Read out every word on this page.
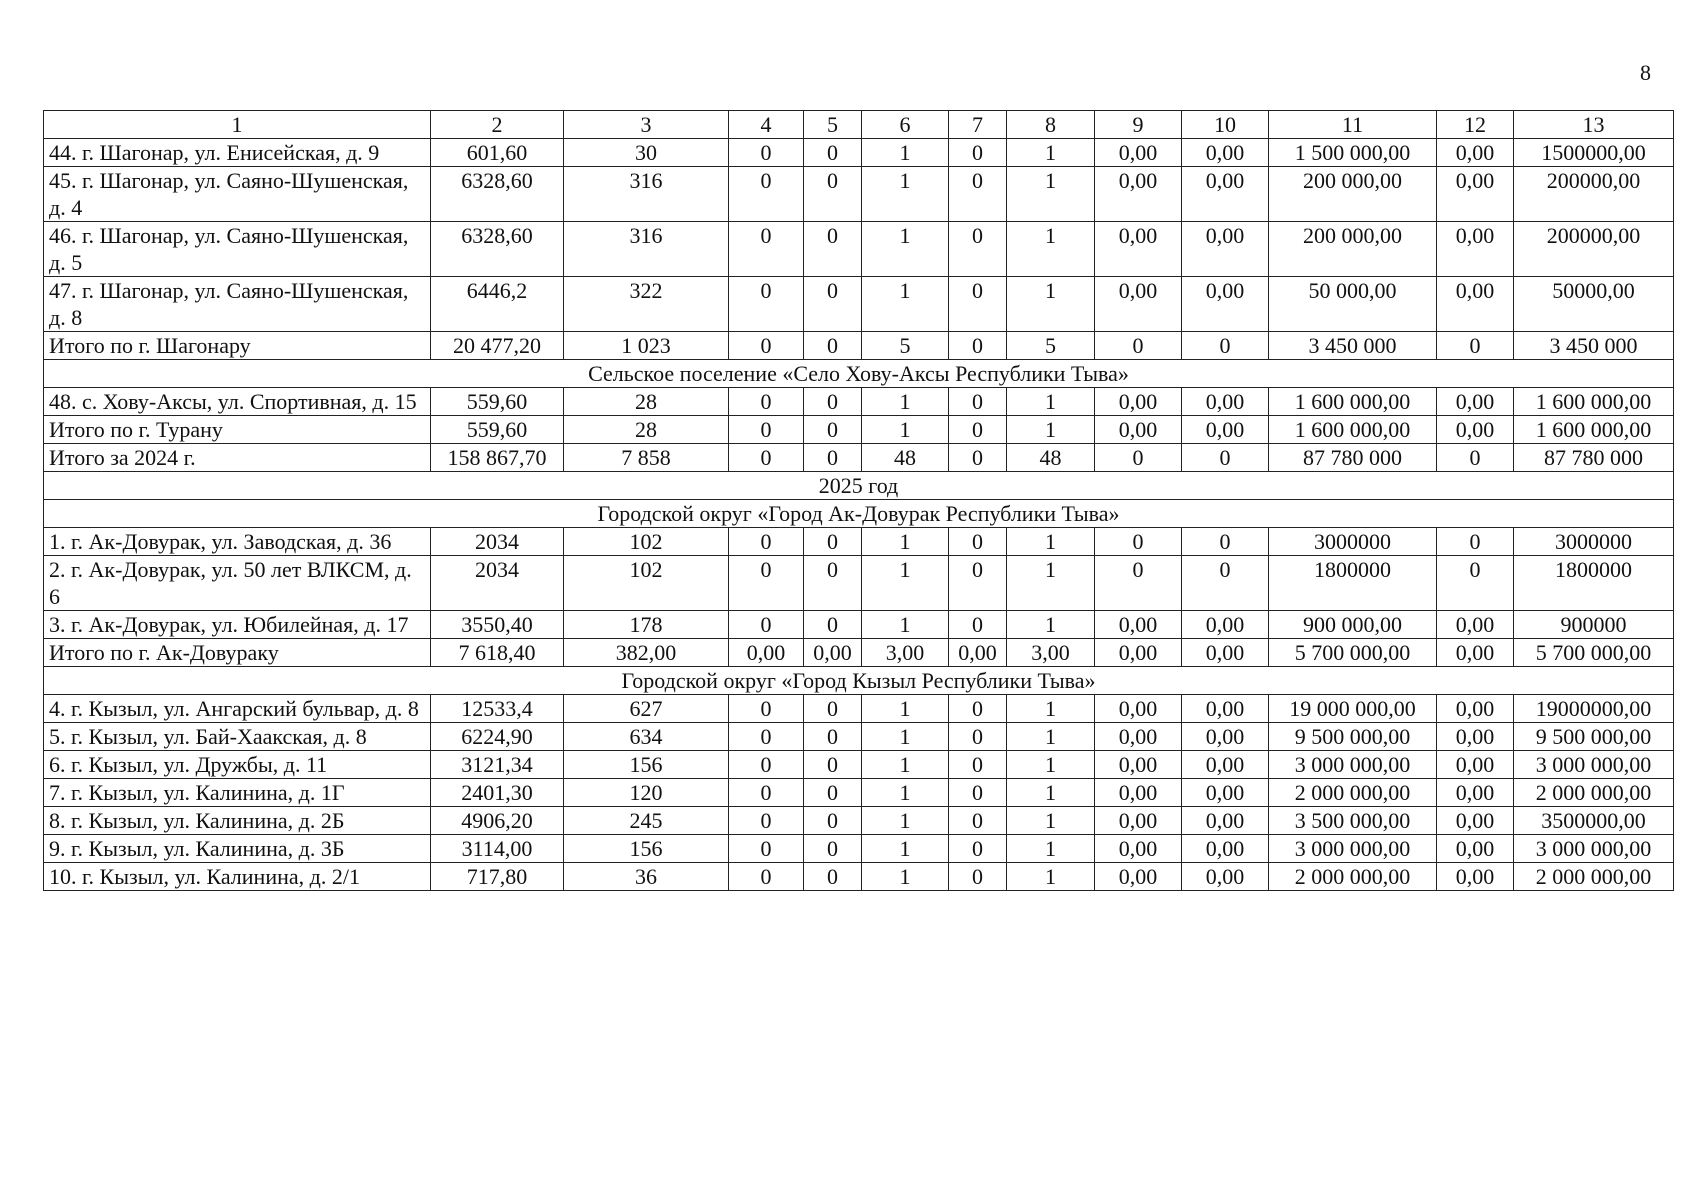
8
1	2	3	4	5	6	7	8	9	10	11	12	13
44. г. Шагонар, ул. Енисейская, д. 9	601,60	30	0	0	1	0	1	0,00	0,00	1 500 000,00	0,00	1500000,00
45. г. Шагонар, ул. Саяно-Шушенская, д. 4	6328,60	316	0	0	1	0	1	0,00	0,00	200 000,00	0,00	200000,00
46. г. Шагонар, ул. Саяно-Шушенская, д. 5	6328,60	316	0	0	1	0	1	0,00	0,00	200 000,00	0,00	200000,00
47. г. Шагонар, ул. Саяно-Шушенская, д. 8	6446,2	322	0	0	1	0	1	0,00	0,00	50 000,00	0,00	50000,00
Итого по г. Шагонару	20 477,20	1 023	0	0	5	0	5	0	0	3 450 000	0	3 450 000
Сельское поселение «Село Хову-Аксы Республики Тыва»												
48. с. Хову-Аксы, ул. Спортивная, д. 15	559,60	28	0	0	1	0	1	0,00	0,00	1 600 000,00	0,00	1 600 000,00
Итого по г. Турану	559,60	28	0	0	1	0	1	0,00	0,00	1 600 000,00	0,00	1 600 000,00
Итого за 2024 г.	158 867,70	7 858	0	0	48	0	48	0	0	87 780 000	0	87 780 000
2025 год												
Городской округ «Город Ак-Довурак Республики Тыва»												
1. г. Ак-Довурак, ул. Заводская, д. 36	2034	102	0	0	1	0	1	0	0	3000000	0	3000000
2. г. Ак-Довурак, ул. 50 лет ВЛКСМ, д. 6	2034	102	0	0	1	0	1	0	0	1800000	0	1800000
3. г. Ак-Довурак, ул. Юбилейная, д. 17	3550,40	178	0	0	1	0	1	0,00	0,00	900 000,00	0,00	900000
Итого по г. Ак-Довураку	7 618,40	382,00	0,00	0,00	3,00	0,00	3,00	0,00	0,00	5 700 000,00	0,00	5 700 000,00
Городской округ «Город Кызыл Республики Тыва»												
4. г. Кызыл, ул. Ангарский бульвар, д. 8	12533,4	627	0	0	1	0	1	0,00	0,00	19 000 000,00	0,00	19000000,00
5. г. Кызыл, ул. Бай-Хаакская, д. 8	6224,90	634	0	0	1	0	1	0,00	0,00	9 500 000,00	0,00	9 500 000,00
6. г. Кызыл, ул. Дружбы, д. 11	3121,34	156	0	0	1	0	1	0,00	0,00	3 000 000,00	0,00	3 000 000,00
7. г. Кызыл, ул. Калинина, д. 1Г	2401,30	120	0	0	1	0	1	0,00	0,00	2 000 000,00	0,00	2 000 000,00
8. г. Кызыл, ул. Калинина, д. 2Б	4906,20	245	0	0	1	0	1	0,00	0,00	3 500 000,00	0,00	3500000,00
9. г. Кызыл, ул. Калинина, д. 3Б	3114,00	156	0	0	1	0	1	0,00	0,00	3 000 000,00	0,00	3 000 000,00
10. г. Кызыл, ул. Калинина, д. 2/1	717,80	36	0	0	1	0	1	0,00	0,00	2 000 000,00	0,00	2 000 000,00
